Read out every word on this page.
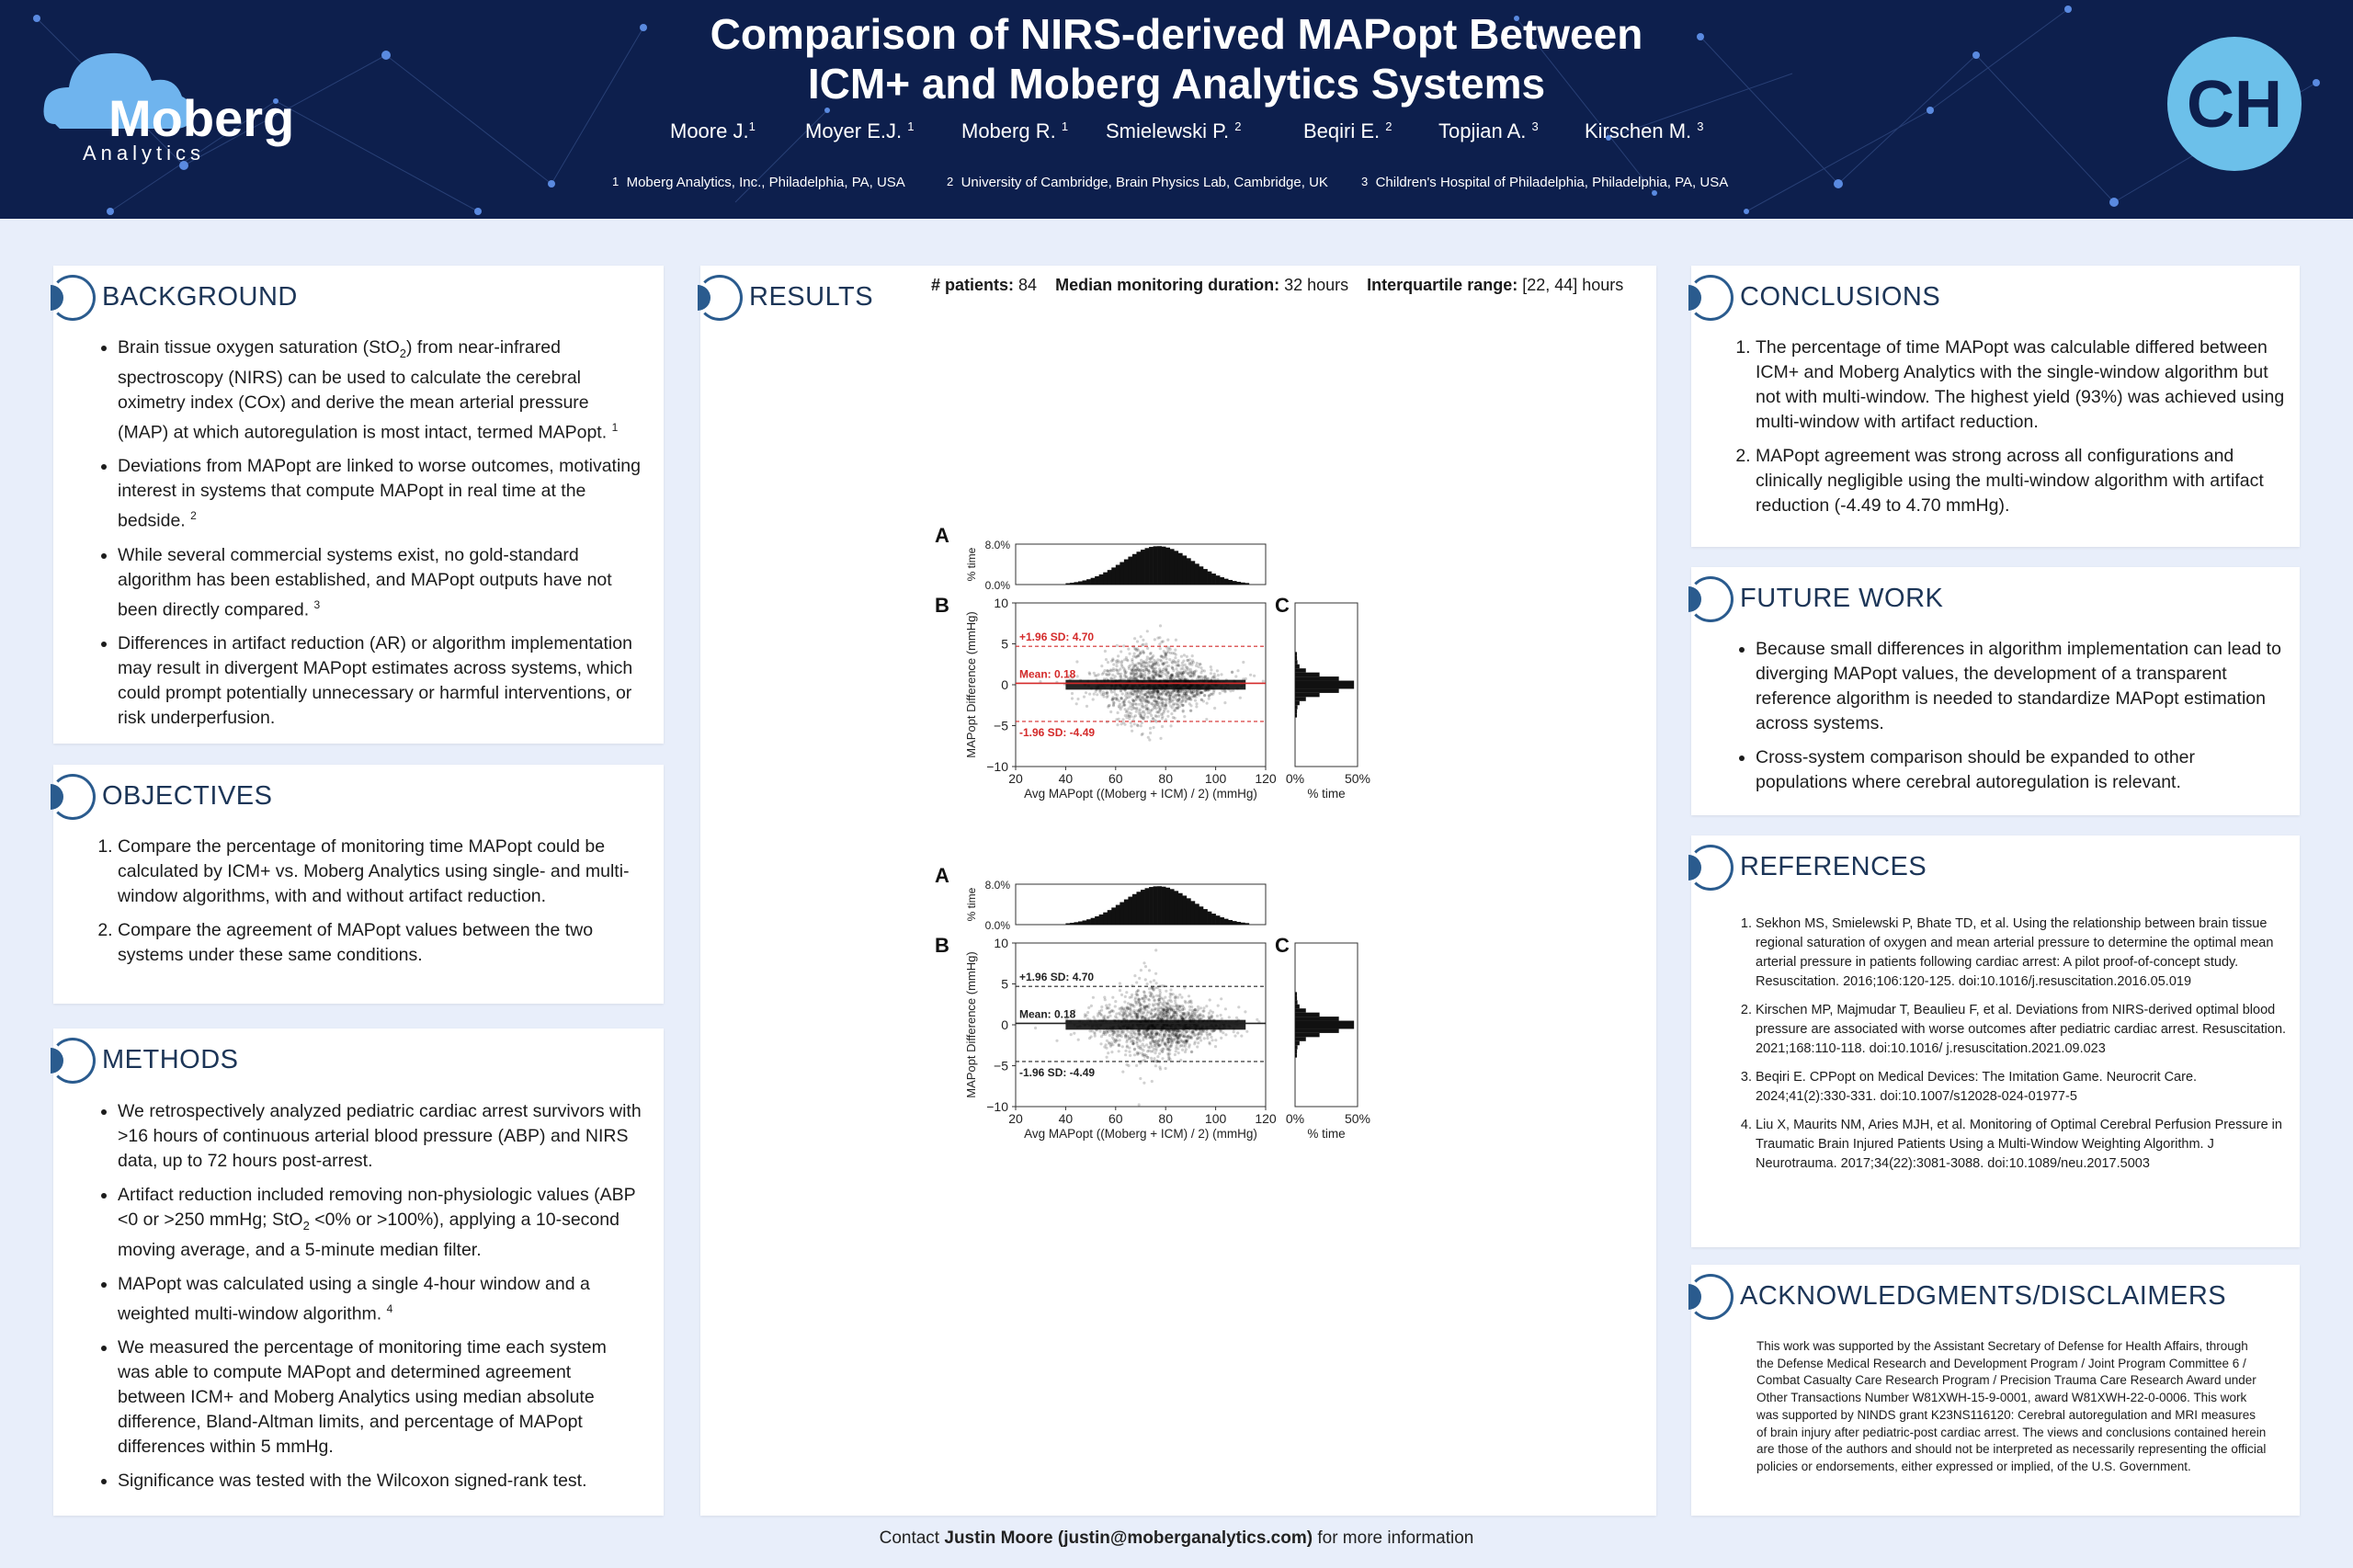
Moberg
Analytics
Comparison of NIRS-derived MAPopt Between
ICM+ and Moberg Analytics Systems
Moore J.$^1$ Moyer E.J. $^1$ Moberg R. $^1$ Smielewski P. $^2$	Beqiri E. $^2$ Topjian A. $^3$ Kirschen M. $^3$
$^1$ Moberg Analytics, Inc., Philadelphia, PA, USA	$^2$ University of Cambridge, Brain Physics Lab, Cambridge, UK	$^3$ Children's Hospital of Philadelphia, Philadelphia, PA, USA
CH
BACKGROUND
• Brain tissue oxygen saturation (StO$_2$) from near-infrared spectroscopy (NIRS) can be used to calculate the cerebral oximetry index (COx) and derive the mean arterial pressure (MAP) at which autoregulation is most intact, termed MAPopt. $^1$
• Deviations from MAPopt are linked to worse outcomes, motivating interest in systems that compute MAPopt in real time at the bedside. $^2$
• While several commercial systems exist, no gold-standard algorithm has been established, and MAPopt outputs have not been directly compared. $^3$
• Differences in artifact reduction (AR) or algorithm implementation may result in divergent MAPopt estimates across systems, which could prompt potentially unnecessary or harmful interventions, or risk underperfusion.
OBJECTIVES
1. Compare the percentage of monitoring time MAPopt could be calculated by ICM+ vs. Moberg Analytics using single- and multi-window algorithms, with and without artifact reduction.
2. Compare the agreement of MAPopt values between the two systems under these same conditions.
METHODS
• We retrospectively analyzed pediatric cardiac arrest survivors with >16 hours of continuous arterial blood pressure (ABP) and NIRS data, up to 72 hours post-arrest.
• Artifact reduction included removing non-physiologic values (ABP <0 or >250 mmHg; StO$_2$ <0% or >100%), applying a 10-second moving average, and a 5-minute median filter.
• MAPopt was calculated using a single 4-hour window and a weighted multi-window algorithm. $^4$
• We measured the percentage of monitoring time each system was able to compute MAPopt and determined agreement between ICM+ and Moberg Analytics using median absolute difference, Bland-Altman limits, and percentage of MAPopt differences within 5 mmHg.
• Significance was tested with the Wilcoxon signed-rank test.
RESULTS	# patients: 84 Median monitoring duration: 32 hours Interquartile range: [22, 44] hours
A
B	C
8.0%
0.0%
% time
+1.96 SD: 4.70
Mean: 0.18
-1.96 SD: -4.49
10
5
0
−5
−10
MAPopt Difference (mmHg)
20	40	60	80 100 120
Avg MAPopt ((Moberg + ICM) / 2) (mmHg)
0%	50%
% time
A
B	C
8.0%
0.0%
% time
+1.96 SD: 4.70
Mean: 0.18
-1.96 SD: -4.49
10
5
0
−5
−10
MAPopt Difference (mmHg)
20	40	60	80 100 120
Avg MAPopt ((Moberg + ICM) / 2) (mmHg)
0%	50%
% time
CONCLUSIONS
1. The percentage of time MAPopt was calculable differed between ICM+ and Moberg Analytics with the single-window algorithm but not with multi-window. The highest yield (93%) was achieved using multi-window with artifact reduction.
2. MAPopt agreement was strong across all configurations and clinically negligible using the multi-window algorithm with artifact reduction (-4.49 to 4.70 mmHg).
FUTURE WORK
• Because small differences in algorithm implementation can lead to diverging MAPopt values, the development of a transparent reference algorithm is needed to standardize MAPopt estimation across systems.
• Cross-system comparison should be expanded to other populations where cerebral autoregulation is relevant.
REFERENCES
1. Sekhon MS, Smielewski P, Bhate TD, et al. Using the relationship between brain tissue regional saturation of oxygen and mean arterial pressure to determine the optimal mean arterial pressure in patients following cardiac arrest: A pilot proof-of-concept study. Resuscitation. 2016;106:120-125. doi:10.1016/j.resuscitation.2016.05.019
2. Kirschen MP, Majmudar T, Beaulieu F, et al. Deviations from NIRS-derived optimal blood pressure are associated with worse outcomes after pediatric cardiac arrest. Resuscitation. 2021;168:110-118. doi:10.1016/ j.resuscitation.2021.09.023
3. Beqiri E. CPPopt on Medical Devices: The Imitation Game. Neurocrit Care. 2024;41(2):330-331. doi:10.1007/s12028-024-01977-5
4. Liu X, Maurits NM, Aries MJH, et al. Monitoring of Optimal Cerebral Perfusion Pressure in Traumatic Brain Injured Patients Using a Multi-Window Weighting Algorithm. J Neurotrauma. 2017;34(22):3081-3088. doi:10.1089/neu.2017.5003
ACKNOWLEDGMENTS/DISCLAIMERS
This work was supported by the Assistant Secretary of Defense for Health Affairs, through the Defense Medical Research and Development Program / Joint Program Committee 6 / Combat Casualty Care Research Program / Precision Trauma Care Research Award under Other Transactions Number W81XWH-15-9-0001, award W81XWH-22-0-0006. This work was supported by NINDS grant K23NS116120: Cerebral autoregulation and MRI measures of brain injury after pediatric-post cardiac arrest. The views and conclusions contained herein are those of the authors and should not be interpreted as necessarily representing the official policies or endorsements, either expressed or implied, of the U.S. Government.
Contact Justin Moore (justin@moberganalytics.com) for more information
